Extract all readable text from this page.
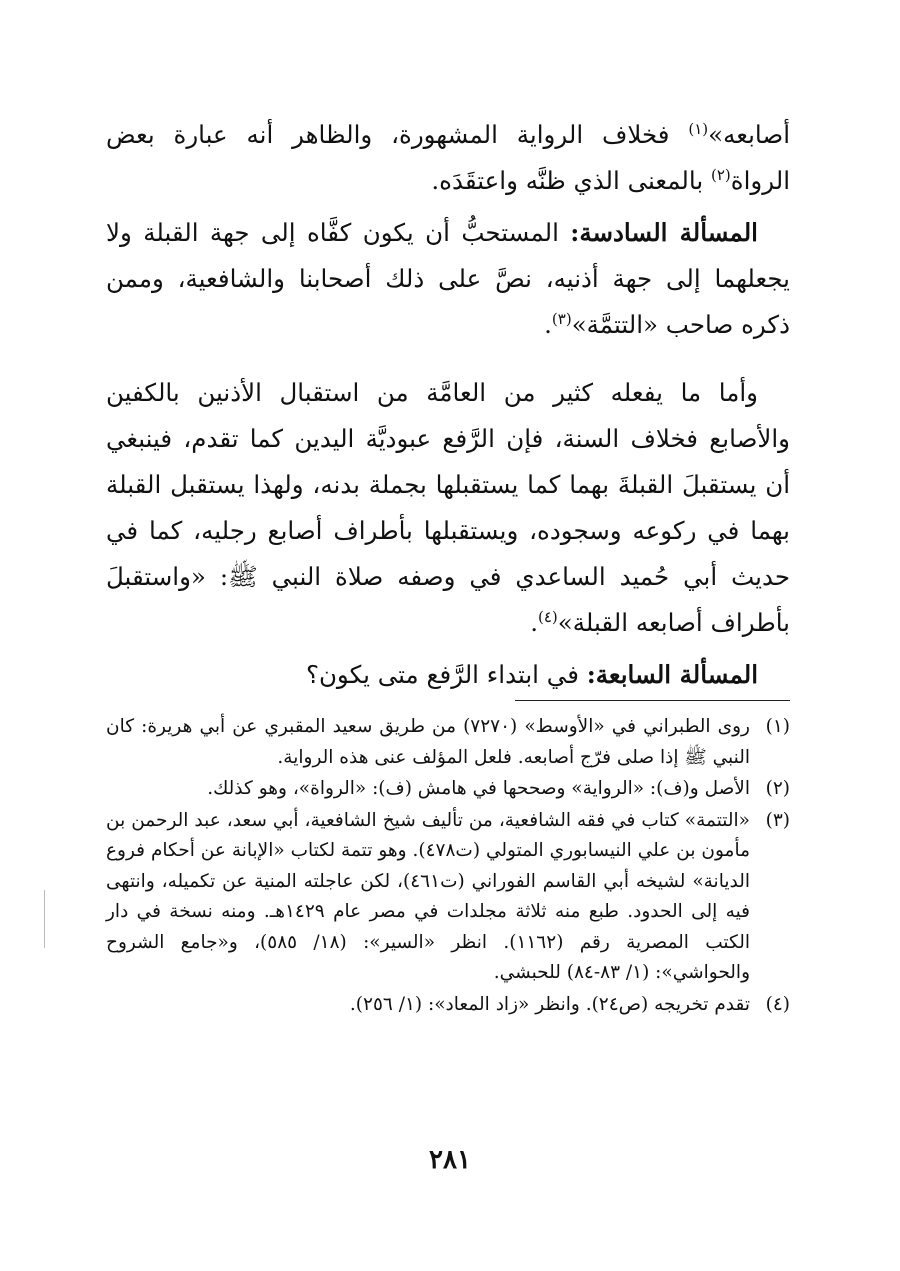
أصابعه»$^{(١)}$ فخلاف الرواية المشهورة، والظاهر أنه عبارة بعض الرواة$^{(٢)}$ بالمعنى الذي ظنَّه واعتقَدَه.

المسألة السادسة: المستحبُّ أن يكون كفَّاه إلى جهة القبلة ولا يجعلهما إلى جهة أذنيه، نصَّ على ذلك أصحابنا والشافعية، وممن ذكره صاحب «التتمَّة»$^{(٣)}$.

وأما ما يفعله كثير من العامَّة من استقبال الأذنين بالكفين والأصابع فخلاف السنة، فإن الرَّفع عبوديَّة اليدين كما تقدم، فينبغي أن يستقبلَ القبلةَ بهما كما يستقبلها بجملة بدنه، ولهذا يستقبل القبلة بهما في ركوعه وسجوده، ويستقبلها بأطراف أصابع رجليه، كما في حديث أبي حُميد الساعدي في وصفه صلاة النبي ﷺ: «واستقبلَ بأطراف أصابعه القبلة»$^{(٤)}$.

المسألة السابعة: في ابتداء الرَّفع متى يكون؟

(١)
روى الطبراني في «الأوسط» (٧٢٧٠) من طريق سعيد المقبري عن أبي هريرة: كان النبي ﷺ إذا صلى فرّج أصابعه. فلعل المؤلف عنى هذه الرواية.
(٢)
الأصل و(ف): «الرواية» وصححها في هامش (ف): «الرواة»، وهو كذلك.
(٣)
«التتمة» كتاب في فقه الشافعية، من تأليف شيخ الشافعية، أبي سعد، عبد الرحمن بن مأمون بن علي النيسابوري المتولي (ت٤٧٨). وهو تتمة لكتاب «الإبانة عن أحكام فروع الديانة» لشيخه أبي القاسم الفوراني (ت٤٦١)، لكن عاجلته المنية عن تكميله، وانتهى فيه إلى الحدود. طبع منه ثلاثة مجلدات في مصر عام ١٤٢٩هـ. ومنه نسخة في دار الكتب المصرية رقم (١١٦٢). انظر «السير»: (١٨/ ٥٨٥)، و«جامع الشروح والحواشي»: (١/ ٨٣-٨٤) للحبشي.
(٤)
تقدم تخريجه (ص٢٤). وانظر «زاد المعاد»: (١/ ٢٥٦).
٢٨١
